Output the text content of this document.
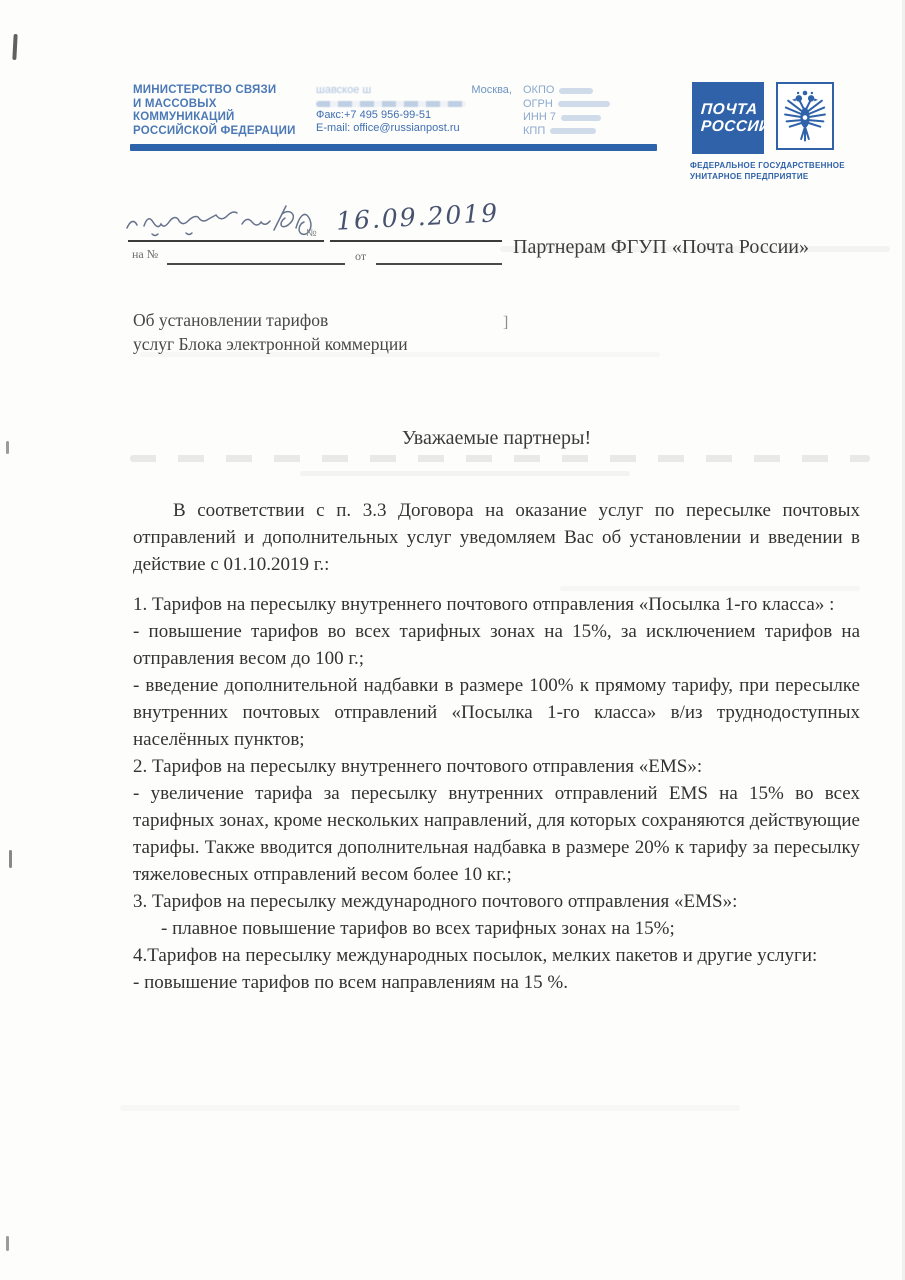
МИНИСТЕРСТВО СВЯЗИ
И МАССОВЫХ КОММУНИКАЦИЙ
РОССИЙСКОЙ ФЕДЕРАЦИИ
шавское ш	Москва,
Факс:+7 495 956-99-51
E-mail: office@russianpost.ru
ОКПО
ОГРН
ИНН 7
КПП
ПОЧТА
РОССИИ
ФЕДЕРАЛЬНОЕ ГОСУДАРСТВЕННОЕ
УНИТАРНОЕ ПРЕДПРИЯТИЕ
№ 16.09.2019
на №	от	Партнерам ФГУП «Почта России»
Об установлении тарифов
услуг Блока электронной коммерции
]
Уважаемые партнеры!

В соответствии с п. 3.3 Договора на оказание услуг по пересылке почтовых отправлений и дополнительных услуг уведомляем Вас об установлении и введении в действие с 01.10.2019 г.:

1. Тарифов на пересылку внутреннего почтового отправления «Посылка 1-го класса» :

- повышение тарифов во всех тарифных зонах на 15%, за исключением тарифов на отправления весом до 100 г.;

- введение дополнительной надбавки в размере 100% к прямому тарифу, при пересылке внутренних почтовых отправлений «Посылка 1-го класса» в/из труднодоступных населённых пунктов;

2. Тарифов на пересылку внутреннего почтового отправления «EMS»:

- увеличение тарифа за пересылку внутренних отправлений EMS на 15% во всех тарифных зонах, кроме нескольких направлений, для которых сохраняются действующие тарифы. Также вводится дополнительная надбавка в размере 20% к тарифу за пересылку тяжеловесных отправлений весом более 10 кг.;

3. Тарифов на пересылку международного почтового отправления «EMS»:

- плавное повышение тарифов во всех тарифных зонах на 15%;

4.Тарифов на пересылку международных посылок, мелких пакетов и другие услуги:

- повышение тарифов по всем направлениям на 15 %.
